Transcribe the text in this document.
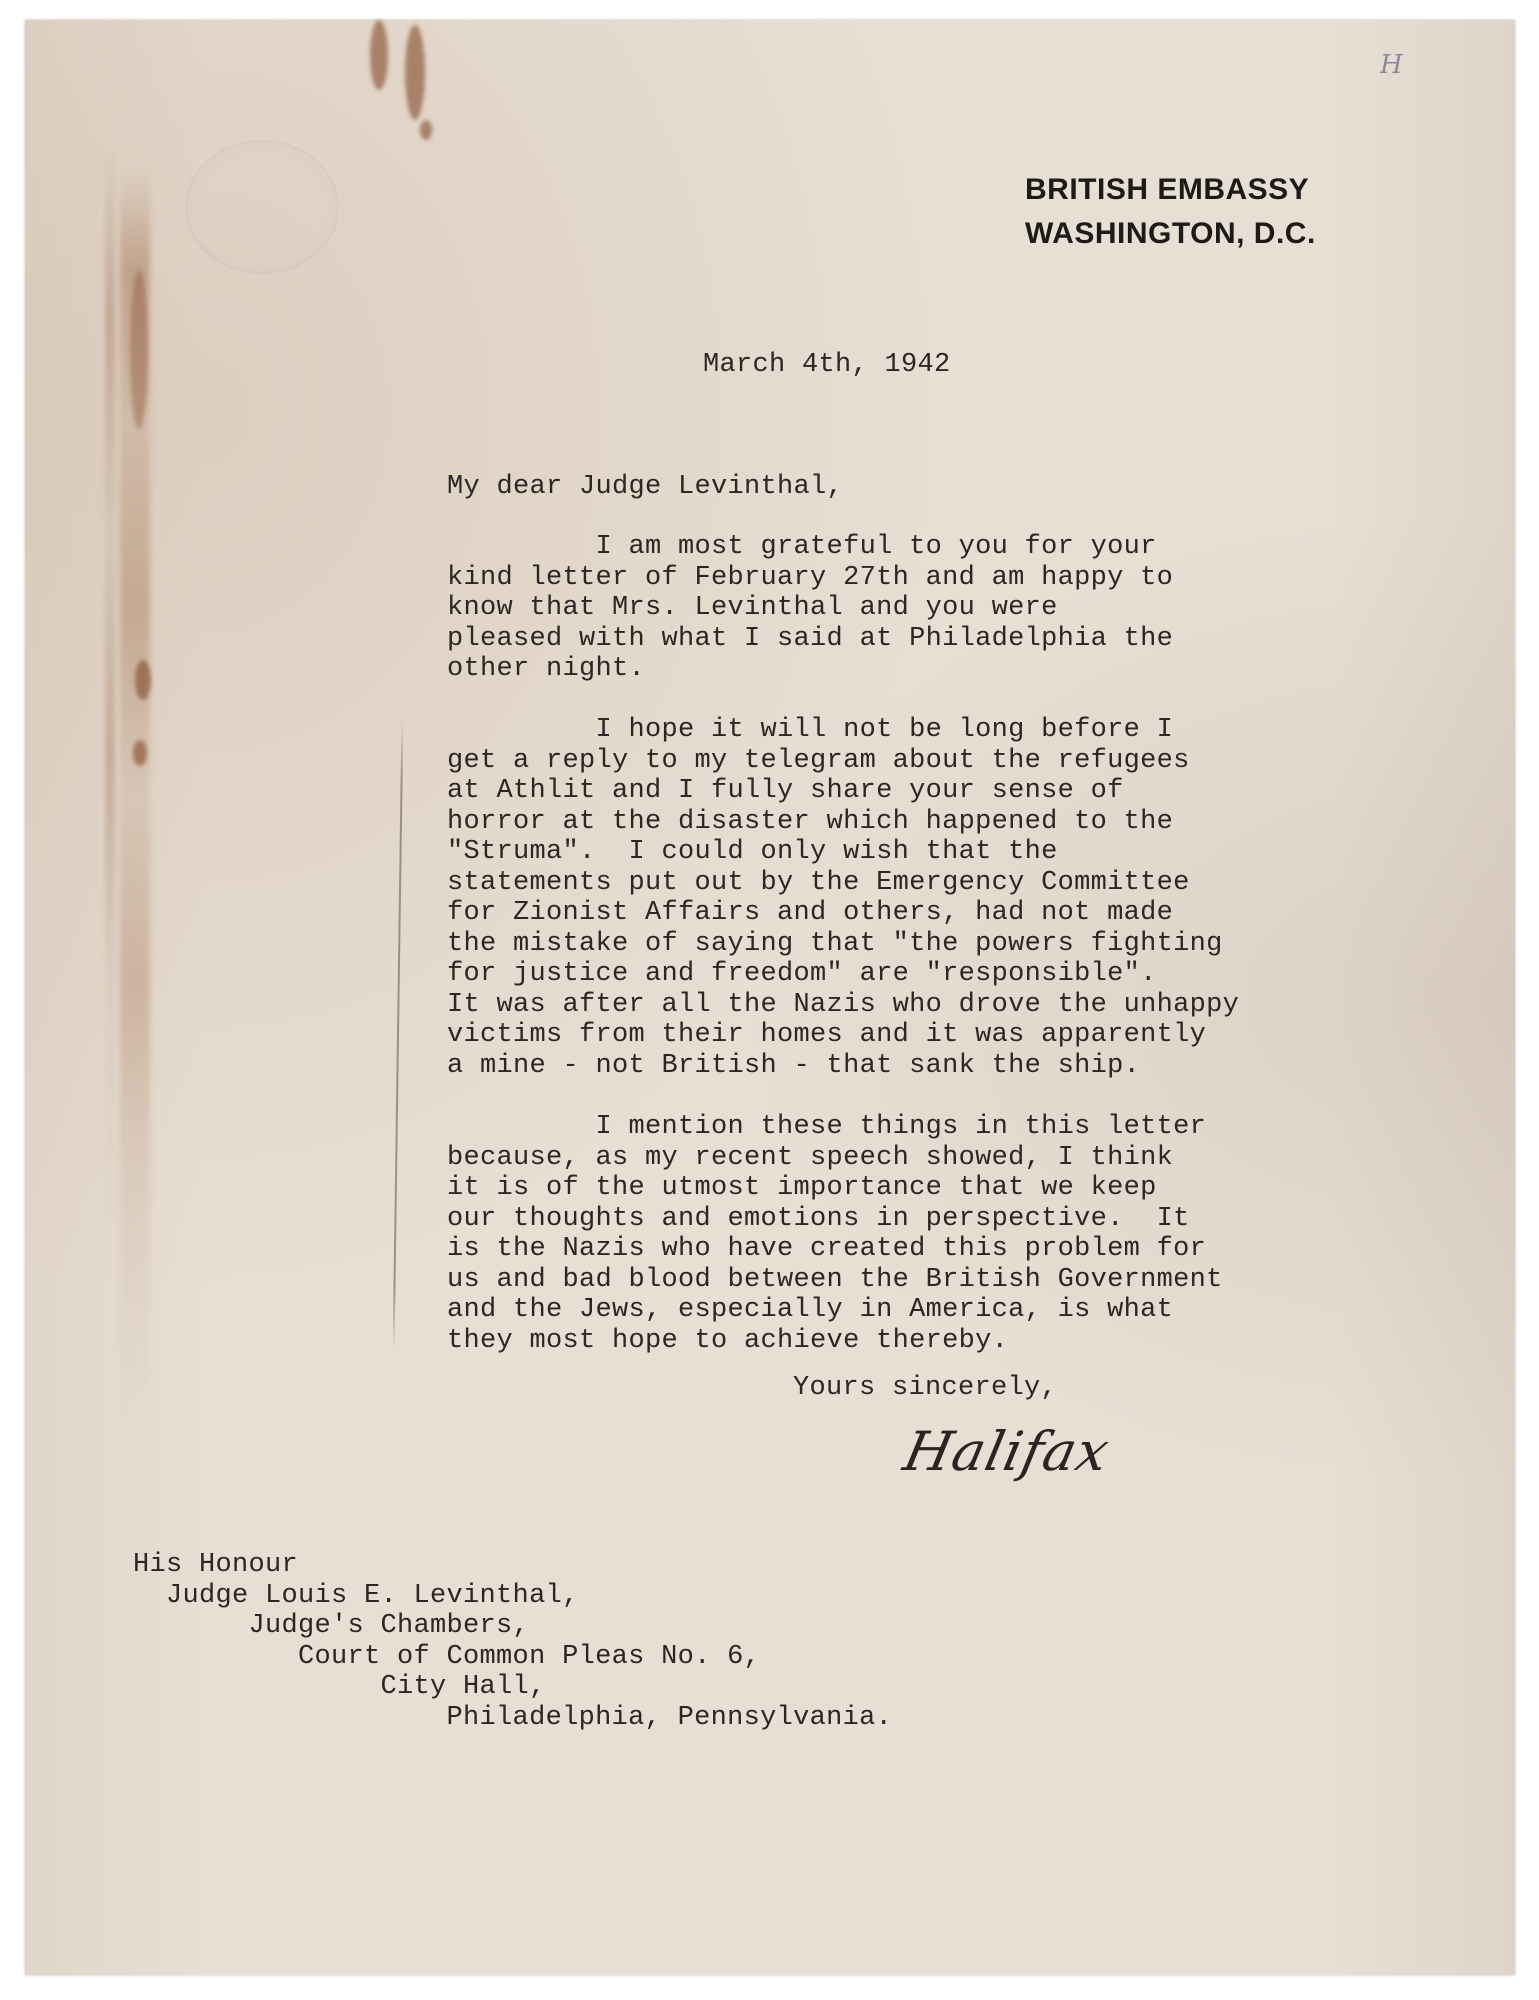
H
BRITISH EMBASSY
WASHINGTON, D.C.
March 4th, 1942
My dear Judge Levinthal,
I am most grateful to you for your
kind letter of February 27th and am happy to
know that Mrs. Levinthal and you were
pleased with what I said at Philadelphia the
other night.
I hope it will not be long before I
get a reply to my telegram about the refugees
at Athlit and I fully share your sense of
horror at the disaster which happened to the
"Struma".  I could only wish that the
statements put out by the Emergency Committee
for Zionist Affairs and others, had not made
the mistake of saying that "the powers fighting
for justice and freedom" are "responsible".
It was after all the Nazis who drove the unhappy
victims from their homes and it was apparently
a mine - not British - that sank the ship.
I mention these things in this letter
because, as my recent speech showed, I think
it is of the utmost importance that we keep
our thoughts and emotions in perspective.  It
is the Nazis who have created this problem for
us and bad blood between the British Government
and the Jews, especially in America, is what
they most hope to achieve thereby.
Yours sincerely,
Halifax
His Honour
Judge Louis E. Levinthal,
Judge's Chambers,
Court of Common Pleas No. 6,
City Hall,
Philadelphia, Pennsylvania.
